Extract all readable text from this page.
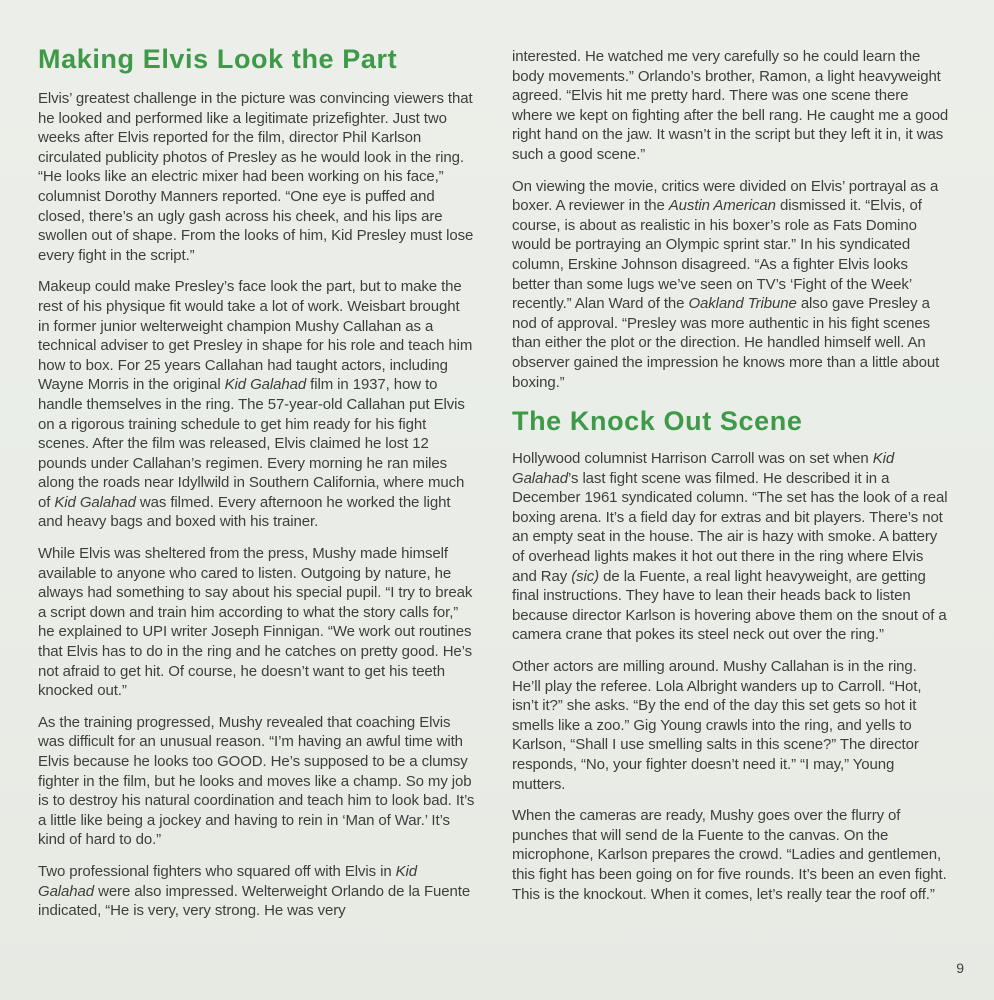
Making Elvis Look the Part

Elvis’ greatest challenge in the picture was convincing viewers that he looked and performed like a legitimate prizefighter. Just two weeks after Elvis reported for the film, director Phil Karlson circulated publicity photos of Presley as he would look in the ring. “He looks like an electric mixer had been working on his face,” columnist Dorothy Manners reported. “One eye is puffed and closed, there’s an ugly gash across his cheek, and his lips are swollen out of shape. From the looks of him, Kid Presley must lose every fight in the script.”

Makeup could make Presley’s face look the part, but to make the rest of his physique fit would take a lot of work. Weisbart brought in former junior welterweight champion Mushy Callahan as a technical adviser to get Presley in shape for his role and teach him how to box. For 25 years Callahan had taught actors, including Wayne Morris in the original Kid Galahad film in 1937, how to handle themselves in the ring. The 57-year-old Callahan put Elvis on a rigorous training schedule to get him ready for his fight scenes. After the film was released, Elvis claimed he lost 12 pounds under Callahan’s regimen. Every morning he ran miles along the roads near Idyllwild in Southern California, where much of Kid Galahad was filmed. Every afternoon he worked the light and heavy bags and boxed with his trainer.

While Elvis was sheltered from the press, Mushy made himself available to anyone who cared to listen. Outgoing by nature, he always had something to say about his special pupil. “I try to break a script down and train him according to what the story calls for,” he explained to UPI writer Joseph Finnigan. “We work out routines that Elvis has to do in the ring and he catches on pretty good. He’s not afraid to get hit. Of course, he doesn’t want to get his teeth knocked out.”

As the training progressed, Mushy revealed that coaching Elvis was difficult for an unusual reason. “I’m having an awful time with Elvis because he looks too GOOD. He’s supposed to be a clumsy fighter in the film, but he looks and moves like a champ. So my job is to destroy his natural coordination and teach him to look bad. It’s a little like being a jockey and having to rein in ‘Man of War.’ It’s kind of hard to do.”

Two professional fighters who squared off with Elvis in Kid Galahad were also impressed. Welterweight Orlando de la Fuente indicated, “He is very, very strong. He was very

interested. He watched me very carefully so he could learn the body movements.” Orlando’s brother, Ramon, a light heavyweight agreed. “Elvis hit me pretty hard. There was one scene there where we kept on fighting after the bell rang. He caught me a good right hand on the jaw. It wasn’t in the script but they left it in, it was such a good scene.”

On viewing the movie, critics were divided on Elvis’ portrayal as a boxer. A reviewer in the Austin American dismissed it. “Elvis, of course, is about as realistic in his boxer’s role as Fats Domino would be portraying an Olympic sprint star.” In his syndicated column, Erskine Johnson disagreed. “As a fighter Elvis looks better than some lugs we’ve seen on TV’s ‘Fight of the Week’ recently.” Alan Ward of the Oakland Tribune also gave Presley a nod of approval. “Presley was more authentic in his fight scenes than either the plot or the direction. He handled himself well. An observer gained the impression he knows more than a little about boxing.”

The Knock Out Scene

Hollywood columnist Harrison Carroll was on set when Kid Galahad’s last fight scene was filmed. He described it in a December 1961 syndicated column. “The set has the look of a real boxing arena. It’s a field day for extras and bit players. There’s not an empty seat in the house. The air is hazy with smoke. A battery of overhead lights makes it hot out there in the ring where Elvis and Ray (sic) de la Fuente, a real light heavyweight, are getting final instructions. They have to lean their heads back to listen because director Karlson is hovering above them on the snout of a camera crane that pokes its steel neck out over the ring.”

Other actors are milling around. Mushy Callahan is in the ring. He’ll play the referee. Lola Albright wanders up to Carroll. “Hot, isn’t it?” she asks. “By the end of the day this set gets so hot it smells like a zoo.” Gig Young crawls into the ring, and yells to Karlson, “Shall I use smelling salts in this scene?” The director responds, “No, your fighter doesn’t need it.” “I may,” Young mutters.

When the cameras are ready, Mushy goes over the flurry of punches that will send de la Fuente to the canvas. On the microphone, Karlson prepares the crowd. “Ladies and gentlemen, this fight has been going on for five rounds. It’s been an even fight. This is the knockout. When it comes, let’s really tear the roof off.”

9
